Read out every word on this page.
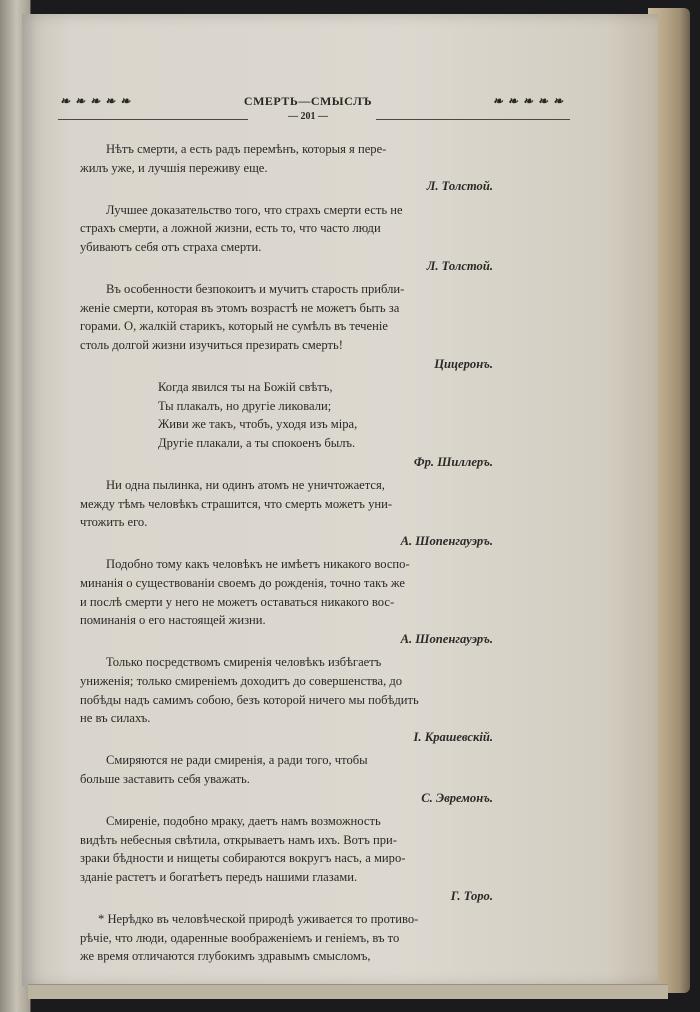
❧ ❧ ❧ ❧ ❧	СМЕРТЬ—СМЫСЛЪ	❧ ❧ ❧ ❧ ❧
— 201 —
Нѣтъ смерти, а есть радъ перемѣнъ, которыя я пере-
жилъ уже, и лучшія переживу еще.
Л. Толстой.
Лучшее доказательство того, что страхъ смерти есть не
страхъ смерти, а ложной жизни, есть то, что часто люди
убиваютъ себя отъ страха смерти.
Л. Толстой.
Въ особенности безпокоитъ и мучитъ старость прибли-
женіе смерти, которая въ этомъ возрастѣ не можетъ быть за
горами. О, жалкій старикъ, который не сумѣлъ въ теченіе
столь долгой жизни изучиться презирать смерть!
Цицеронъ.
Когда явился ты на Божій свѣтъ,
Ты плакалъ, но другіе ликовали;
Живи же такъ, чтобъ, уходя изъ міра,
Другіе плакали, а ты спокоенъ былъ.
Фр. Шиллеръ.
Ни одна пылинка, ни одинъ атомъ не уничтожается,
между тѣмъ человѣкъ страшится, что смерть можетъ уни-
чтожить его.
А. Шопенгауэръ.
Подобно тому какъ человѣкъ не имѣетъ никакого воспо-
минанія о существованіи своемъ до рожденія, точно такъ же
и послѣ смерти у него не можетъ оставаться никакого вос-
поминанія о его настоящей жизни.
А. Шопенгауэръ.
Только посредствомъ смиренія человѣкъ избѣгаетъ
униженія; только смиреніемъ доходитъ до совершенства, до
побѣды надъ самимъ собою, безъ которой ничего мы побѣдить
не въ силахъ.
І. Крашевскій.
Смиряются не ради смиренія, а ради того, чтобы
больше заставить себя уважать.
С. Эвремонъ.
Смиреніе, подобно мраку, даетъ намъ возможность
видѣть небесныя свѣтила, открываетъ намъ ихъ. Вотъ при-
зраки бѣдности и нищеты собираются вокругъ насъ, а миро-
зданіе растетъ и богатѣетъ передъ нашими глазами.
Г. Торо.
* Нерѣдко въ человѣческой природѣ уживается то противо-
рѣчіе, что люди, одаренные воображеніемъ и геніемъ, въ то
же время отличаются глубокимъ здравымъ смысломъ,
